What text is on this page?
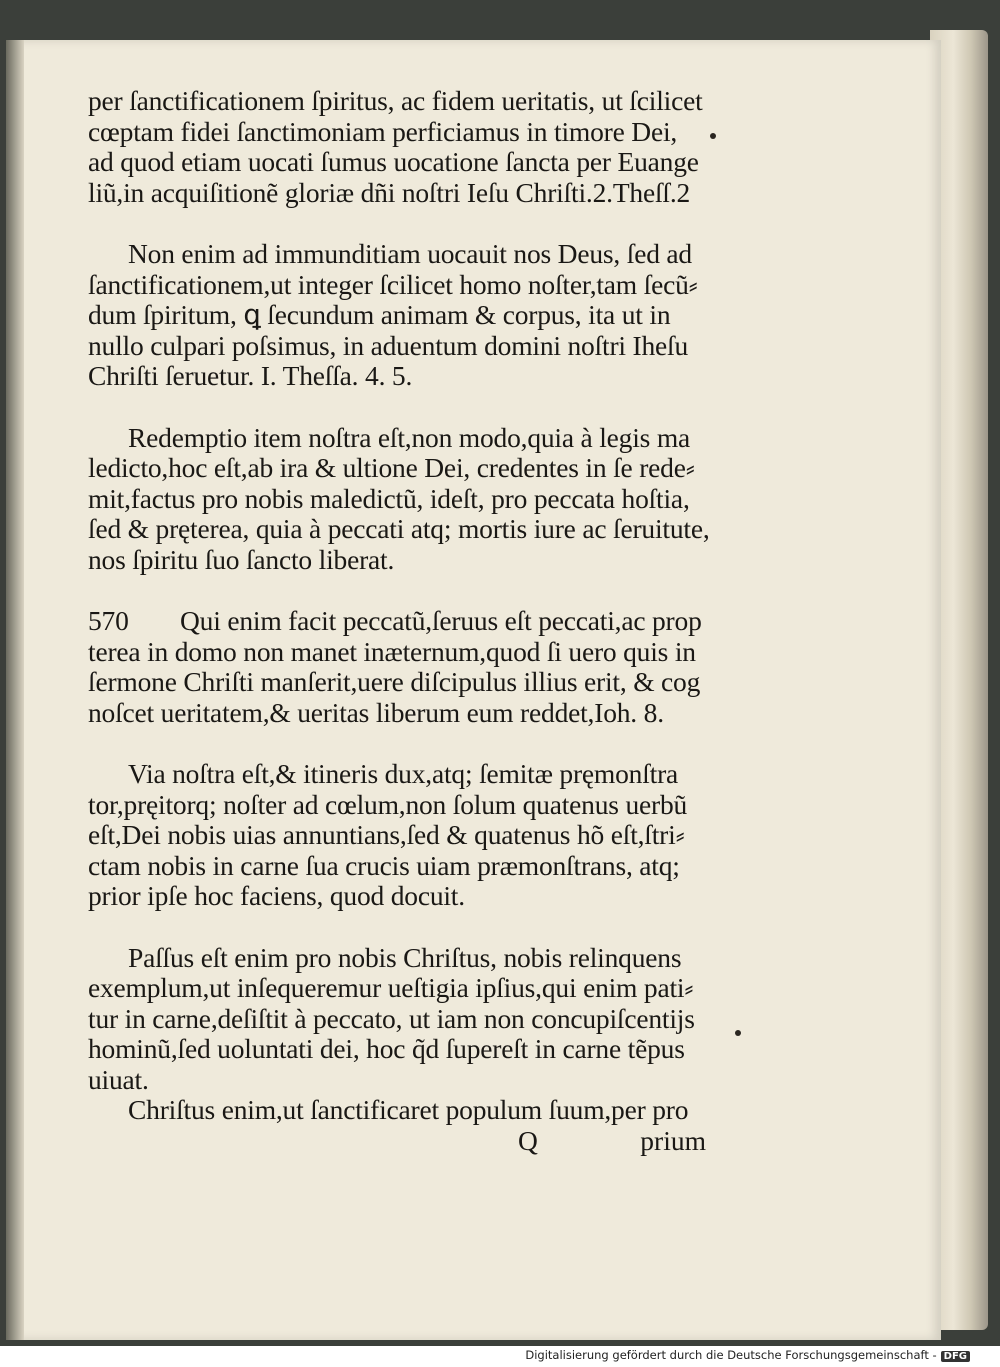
per ſanctificationem ſpiritus, ac fidem ueritatis, ut ſcilicet
cœptam fidei ſanctimoniam perficiamus in timore Dei,
ad quod etiam uocati ſumus uocatione ſancta per Euange
liũ,in acquiſitionẽ gloriæ dñi noſtri Ieſu Chriſti.2.Theſſ.2
Non enim ad immunditiam uocauit nos Deus, ſed ad
ſanctificationem,ut integer ſcilicet homo noſter,tam ſecũ⸗
dum ſpiritum, ꝗ ſecundum animam & corpus, ita ut in
nullo culpari poſsimus, in aduentum domini noſtri Iheſu
Chriſti ſeruetur. I. Theſſa. 4. 5.
Redemptio item noſtra eſt,non modo,quia à legis ma
ledicto,hoc eſt,ab ira & ultione Dei, credentes in ſe rede⸗
mit,factus pro nobis maledictũ, ideſt, pro peccata hoſtia,
ſed & pręterea, quia à peccati atq; mortis iure ac ſeruitute,
nos ſpiritu ſuo ſancto liberat.
570 Qui enim facit peccatũ,ſeruus eſt peccati,ac prop
terea in domo non manet inæternum,quod ſi uero quis in
ſermone Chriſti manſerit,uere diſcipulus illius erit, & cog
noſcet ueritatem,& ueritas liberum eum reddet,Ioh. 8.
Via noſtra eſt,& itineris dux,atq; ſemitæ pręmonſtra
tor,pręitorq; noſter ad cœlum,non ſolum quatenus uerbũ
eſt,Dei nobis uias annuntians,ſed & quatenus hõ eſt,ſtri⸗
ctam nobis in carne ſua crucis uiam præmonſtrans, atq;
prior ipſe hoc faciens, quod docuit.
Paſſus eſt enim pro nobis Chriſtus, nobis relinquens
exemplum,ut inſequeremur ueſtigia ipſius,qui enim pati⸗
tur in carne,deſiſtit à peccato, ut iam non concupiſcentijs
hominũ,ſed uoluntati dei, hoc q̃d ſupereſt in carne tẽpus
uiuat.
Chriſtus enim,ut ſanctificaret populum ſuum,per pro
Q	prium
Digitalisierung gefördert durch die Deutsche Forschungsgemeinschaft - DFG
